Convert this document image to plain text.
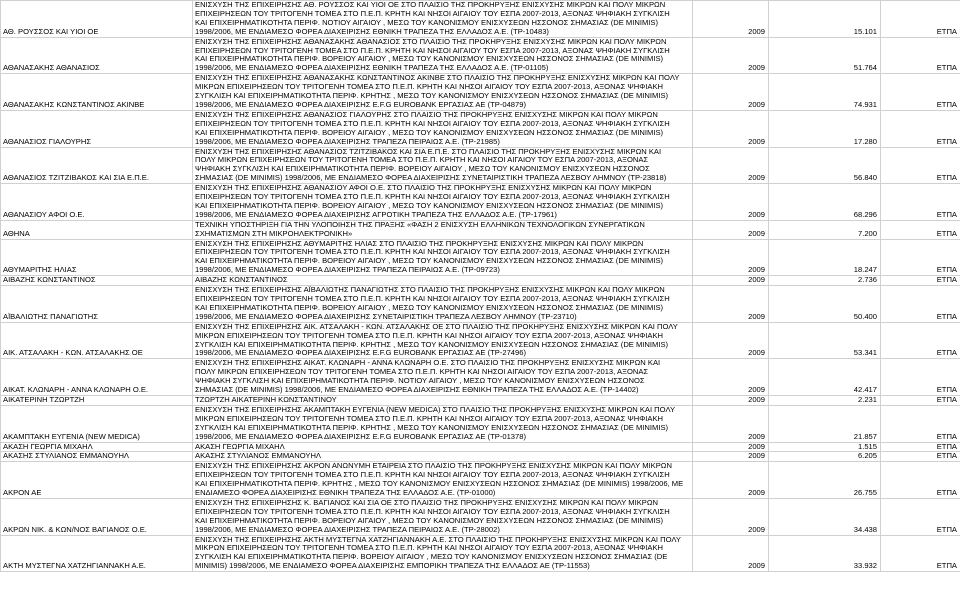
ΑΘ. ΡΟΥΣΣΟΣ ΚΑΙ ΥΙΟΙ ΟΕ	ΕΝΙΣΧΥΣΗ ΤΗΣ ΕΠΙΧΕΙΡΗΣΗΣ ΑΘ. ΡΟΥΣΣΟΣ ΚΑΙ ΥΙΟΙ ΟΕ ΣΤΟ ΠΛΑΙΣΙΟ ΤΗΣ ΠΡΟΚΗΡΥΞΗΣ ΕΝΙΣΧΥΣΗΣ ΜΙΚΡΩΝ ΚΑΙ ΠΟΛΥ ΜΙΚΡΩΝ
ΕΠΙΧΕΙΡΗΣΕΩΝ ΤΟΥ ΤΡΙΤΟΓΕΝΗ ΤΟΜΕΑ ΣΤΟ Π.Ε.Π. ΚΡΗΤΗ ΚΑΙ ΝΗΣΟΙ ΑΙΓΑΙΟΥ ΤΟΥ ΕΣΠΑ 2007-2013, ΑΞΟΝΑΣ ΨΗΦΙΑΚΗ ΣΥΓΚΛΙΣΗ
ΚΑΙ ΕΠΙΧΕΙΡΗΜΑΤΙΚΟΤΗΤΑ ΠΕΡΙΦ. ΝΟΤΙΟΥ ΑΙΓΑΙΟΥ , ΜΕΣΩ ΤΟΥ ΚΑΝΟΝΙΣΜΟΥ ΕΝΙΣΧΥΣΕΩΝ ΗΣΣΟΝΟΣ ΣΗΜΑΣΙΑΣ (DE MINIMIS)
1998/2006, ΜΕ ΕΝΔΙΑΜΕΣΟ ΦΟΡΕΑ ΔΙΑΧΕΙΡΙΣΗΣ ΕΘΝΙΚΗ ΤΡΑΠΕΖΑ ΤΗΣ ΕΛΛΑΔΟΣ Α.Ε. (ΤΡ-10483)	2009	15.101	ΕΤΠΑ
ΑΘΑΝΑΣΑΚΗΣ ΑΘΑΝΑΣΙΟΣ	ΕΝΙΣΧΥΣΗ ΤΗΣ ΕΠΙΧΕΙΡΗΣΗΣ ΑΘΑΝΑΣΑΚΗΣ ΑΘΑΝΑΣΙΟΣ ΣΤΟ ΠΛΑΙΣΙΟ ΤΗΣ ΠΡΟΚΗΡΥΞΗΣ ΕΝΙΣΧΥΣΗΣ ΜΙΚΡΩΝ ΚΑΙ ΠΟΛΥ ΜΙΚΡΩΝ
ΕΠΙΧΕΙΡΗΣΕΩΝ ΤΟΥ ΤΡΙΤΟΓΕΝΗ ΤΟΜΕΑ ΣΤΟ Π.Ε.Π. ΚΡΗΤΗ ΚΑΙ ΝΗΣΟΙ ΑΙΓΑΙΟΥ ΤΟΥ ΕΣΠΑ 2007-2013, ΑΞΟΝΑΣ ΨΗΦΙΑΚΗ ΣΥΓΚΛΙΣΗ
ΚΑΙ ΕΠΙΧΕΙΡΗΜΑΤΙΚΟΤΗΤΑ ΠΕΡΙΦ. ΒΟΡΕΙΟΥ ΑΙΓΑΙΟΥ , ΜΕΣΩ ΤΟΥ ΚΑΝΟΝΙΣΜΟΥ ΕΝΙΣΧΥΣΕΩΝ ΗΣΣΟΝΟΣ ΣΗΜΑΣΙΑΣ (DE MINIMIS)
1998/2006, ΜΕ ΕΝΔΙΑΜΕΣΟ ΦΟΡΕΑ ΔΙΑΧΕΙΡΙΣΗΣ ΕΘΝΙΚΗ ΤΡΑΠΕΖΑ ΤΗΣ ΕΛΛΑΔΟΣ Α.Ε. (ΤΡ-01105)	2009	51.764	ΕΤΠΑ
ΑΘΑΝΑΣΑΚΗΣ ΚΩΝΣΤΑΝΤΙΝΟΣ ΑΚΙΝΒΕ	ΕΝΙΣΧΥΣΗ ΤΗΣ ΕΠΙΧΕΙΡΗΣΗΣ ΑΘΑΝΑΣΑΚΗΣ ΚΩΝΣΤΑΝΤΙΝΟΣ ΑΚΙΝΒΕ ΣΤΟ ΠΛΑΙΣΙΟ ΤΗΣ ΠΡΟΚΗΡΥΞΗΣ ΕΝΙΣΧΥΣΗΣ ΜΙΚΡΩΝ ΚΑΙ ΠΟΛΥ
ΜΙΚΡΩΝ ΕΠΙΧΕΙΡΗΣΕΩΝ ΤΟΥ ΤΡΙΤΟΓΕΝΗ ΤΟΜΕΑ ΣΤΟ Π.Ε.Π. ΚΡΗΤΗ ΚΑΙ ΝΗΣΟΙ ΑΙΓΑΙΟΥ ΤΟΥ ΕΣΠΑ 2007-2013, ΑΞΟΝΑΣ ΨΗΦΙΑΚΗ
ΣΥΓΚΛΙΣΗ ΚΑΙ ΕΠΙΧΕΙΡΗΜΑΤΙΚΟΤΗΤΑ ΠΕΡΙΦ. ΚΡΗΤΗΣ , ΜΕΣΩ ΤΟΥ ΚΑΝΟΝΙΣΜΟΥ ΕΝΙΣΧΥΣΕΩΝ ΗΣΣΟΝΟΣ ΣΗΜΑΣΙΑΣ (DE MINIMIS)
1998/2006, ΜΕ ΕΝΔΙΑΜΕΣΟ ΦΟΡΕΑ ΔΙΑΧΕΙΡΙΣΗΣ E.F.G EUROBANK ΕΡΓΑΣΙΑΣ ΑΕ (ΤΡ-04879)	2009	74.931	ΕΤΠΑ
ΑΘΑΝΑΣΙΟΣ ΓΙΑΛΟΥΡΗΣ	ΕΝΙΣΧΥΣΗ ΤΗΣ ΕΠΙΧΕΙΡΗΣΗΣ ΑΘΑΝΑΣΙΟΣ ΓΙΑΛΟΥΡΗΣ ΣΤΟ ΠΛΑΙΣΙΟ ΤΗΣ ΠΡΟΚΗΡΥΞΗΣ ΕΝΙΣΧΥΣΗΣ ΜΙΚΡΩΝ ΚΑΙ ΠΟΛΥ ΜΙΚΡΩΝ
ΕΠΙΧΕΙΡΗΣΕΩΝ ΤΟΥ ΤΡΙΤΟΓΕΝΗ ΤΟΜΕΑ ΣΤΟ Π.Ε.Π. ΚΡΗΤΗ ΚΑΙ ΝΗΣΟΙ ΑΙΓΑΙΟΥ ΤΟΥ ΕΣΠΑ 2007-2013, ΑΞΟΝΑΣ ΨΗΦΙΑΚΗ ΣΥΓΚΛΙΣΗ
ΚΑΙ ΕΠΙΧΕΙΡΗΜΑΤΙΚΟΤΗΤΑ ΠΕΡΙΦ. ΒΟΡΕΙΟΥ ΑΙΓΑΙΟΥ , ΜΕΣΩ ΤΟΥ ΚΑΝΟΝΙΣΜΟΥ ΕΝΙΣΧΥΣΕΩΝ ΗΣΣΟΝΟΣ ΣΗΜΑΣΙΑΣ (DE MINIMIS)
1998/2006, ΜΕ ΕΝΔΙΑΜΕΣΟ ΦΟΡΕΑ ΔΙΑΧΕΙΡΙΣΗΣ ΤΡΑΠΕΖΑ ΠΕΙΡΑΙΩΣ Α.Ε. (ΤΡ-21985)	2009	17.280	ΕΤΠΑ
ΑΘΑΝΑΣΙΟΣ ΤΖΙΤΖΙΒΑΚΟΣ ΚΑΙ ΣΙΑ Ε.Π.Ε.	ΕΝΙΣΧΥΣΗ ΤΗΣ ΕΠΙΧΕΙΡΗΣΗΣ ΑΘΑΝΑΣΙΟΣ ΤΖΙΤΖΙΒΑΚΟΣ ΚΑΙ ΣΙΑ Ε.Π.Ε. ΣΤΟ ΠΛΑΙΣΙΟ ΤΗΣ ΠΡΟΚΗΡΥΞΗΣ ΕΝΙΣΧΥΣΗΣ ΜΙΚΡΩΝ ΚΑΙ
ΠΟΛΥ ΜΙΚΡΩΝ ΕΠΙΧΕΙΡΗΣΕΩΝ ΤΟΥ ΤΡΙΤΟΓΕΝΗ ΤΟΜΕΑ ΣΤΟ Π.Ε.Π. ΚΡΗΤΗ ΚΑΙ ΝΗΣΟΙ ΑΙΓΑΙΟΥ ΤΟΥ ΕΣΠΑ 2007-2013, ΑΞΟΝΑΣ
ΨΗΦΙΑΚΗ ΣΥΓΚΛΙΣΗ ΚΑΙ ΕΠΙΧΕΙΡΗΜΑΤΙΚΟΤΗΤΑ ΠΕΡΙΦ. ΒΟΡΕΙΟΥ ΑΙΓΑΙΟΥ , ΜΕΣΩ ΤΟΥ ΚΑΝΟΝΙΣΜΟΥ ΕΝΙΣΧΥΣΕΩΝ ΗΣΣΟΝΟΣ
ΣΗΜΑΣΙΑΣ (DE MINIMIS) 1998/2006, ΜΕ ΕΝΔΙΑΜΕΣΟ ΦΟΡΕΑ ΔΙΑΧΕΙΡΙΣΗΣ ΣΥΝΕΤΑΙΡΙΣΤΙΚΗ ΤΡΑΠΕΖΑ ΛΕΣΒΟΥ ΛΗΜΝΟΥ (ΤΡ-23818)	2009	56.840	ΕΤΠΑ
ΑΘΑΝΑΣΙΟΥ ΑΦΟΙ Ο.Ε.	ΕΝΙΣΧΥΣΗ ΤΗΣ ΕΠΙΧΕΙΡΗΣΗΣ ΑΘΑΝΑΣΙΟΥ ΑΦΟΙ Ο.Ε. ΣΤΟ ΠΛΑΙΣΙΟ ΤΗΣ ΠΡΟΚΗΡΥΞΗΣ ΕΝΙΣΧΥΣΗΣ ΜΙΚΡΩΝ ΚΑΙ ΠΟΛΥ ΜΙΚΡΩΝ
ΕΠΙΧΕΙΡΗΣΕΩΝ ΤΟΥ ΤΡΙΤΟΓΕΝΗ ΤΟΜΕΑ ΣΤΟ Π.Ε.Π. ΚΡΗΤΗ ΚΑΙ ΝΗΣΟΙ ΑΙΓΑΙΟΥ ΤΟΥ ΕΣΠΑ 2007-2013, ΑΞΟΝΑΣ ΨΗΦΙΑΚΗ ΣΥΓΚΛΙΣΗ
ΚΑΙ ΕΠΙΧΕΙΡΗΜΑΤΙΚΟΤΗΤΑ ΠΕΡΙΦ. ΒΟΡΕΙΟΥ ΑΙΓΑΙΟΥ , ΜΕΣΩ ΤΟΥ ΚΑΝΟΝΙΣΜΟΥ ΕΝΙΣΧΥΣΕΩΝ ΗΣΣΟΝΟΣ ΣΗΜΑΣΙΑΣ (DE MINIMIS)
1998/2006, ΜΕ ΕΝΔΙΑΜΕΣΟ ΦΟΡΕΑ ΔΙΑΧΕΙΡΙΣΗΣ ΑΓΡΟΤΙΚΗ ΤΡΑΠΕΖΑ ΤΗΣ ΕΛΛΑΔΟΣ Α.Ε. (ΤΡ-17961)	2009	68.296	ΕΤΠΑ
ΑΘΗΝΑ	ΤΕΧΝΙΚΗ ΥΠΟΣΤΗΡΙΞΗ ΓΙΑ ΤΗΝ ΥΛΟΠΟΙΗΣΗ ΤΗΣ ΠΡΑΞΗΣ «ΦΑΣΗ 2 ΕΝΙΣΧΥΣΗ ΕΛΛΗΝΙΚΩΝ ΤΕΧΝΟΛΟΓΙΚΩΝ ΣΥΝΕΡΓΑΤΙΚΩΝ
ΣΧΗΜΑΤΙΣΜΩΝ ΣΤΗ ΜΙΚΡΟΗΛΕΚΤΡΟΝΙΚΗ»	2009	7.200	ΕΤΠΑ
ΑΘΥΜΑΡΙΤΗΣ ΗΛΙΑΣ	ΕΝΙΣΧΥΣΗ ΤΗΣ ΕΠΙΧΕΙΡΗΣΗΣ ΑΘΥΜΑΡΙΤΗΣ ΗΛΙΑΣ ΣΤΟ ΠΛΑΙΣΙΟ ΤΗΣ ΠΡΟΚΗΡΥΞΗΣ ΕΝΙΣΧΥΣΗΣ ΜΙΚΡΩΝ ΚΑΙ ΠΟΛΥ ΜΙΚΡΩΝ
ΕΠΙΧΕΙΡΗΣΕΩΝ ΤΟΥ ΤΡΙΤΟΓΕΝΗ ΤΟΜΕΑ ΣΤΟ Π.Ε.Π. ΚΡΗΤΗ ΚΑΙ ΝΗΣΟΙ ΑΙΓΑΙΟΥ ΤΟΥ ΕΣΠΑ 2007-2013, ΑΞΟΝΑΣ ΨΗΦΙΑΚΗ ΣΥΓΚΛΙΣΗ
ΚΑΙ ΕΠΙΧΕΙΡΗΜΑΤΙΚΟΤΗΤΑ ΠΕΡΙΦ. ΒΟΡΕΙΟΥ ΑΙΓΑΙΟΥ , ΜΕΣΩ ΤΟΥ ΚΑΝΟΝΙΣΜΟΥ ΕΝΙΣΧΥΣΕΩΝ ΗΣΣΟΝΟΣ ΣΗΜΑΣΙΑΣ (DE MINIMIS)
1998/2006, ΜΕ ΕΝΔΙΑΜΕΣΟ ΦΟΡΕΑ ΔΙΑΧΕΙΡΙΣΗΣ ΤΡΑΠΕΖΑ ΠΕΙΡΑΙΩΣ Α.Ε. (ΤΡ-09723)	2009	18.247	ΕΤΠΑ
ΑΙΒΑΖΗΣ ΚΩΝΣΤΑΝΤΙΝΟΣ	ΑΙΒΑΖΗΣ ΚΩΝΣΤΑΝΤΙΝΟΣ	2009	2.736	ΕΤΠΑ
ΑΪΒΑΛΙΩΤΗΣ ΠΑΝΑΓΙΩΤΗΣ	ΕΝΙΣΧΥΣΗ ΤΗΣ ΕΠΙΧΕΙΡΗΣΗΣ ΑΪΒΑΛΙΩΤΗΣ ΠΑΝΑΓΙΩΤΗΣ ΣΤΟ ΠΛΑΙΣΙΟ ΤΗΣ ΠΡΟΚΗΡΥΞΗΣ ΕΝΙΣΧΥΣΗΣ ΜΙΚΡΩΝ ΚΑΙ ΠΟΛΥ ΜΙΚΡΩΝ
ΕΠΙΧΕΙΡΗΣΕΩΝ ΤΟΥ ΤΡΙΤΟΓΕΝΗ ΤΟΜΕΑ ΣΤΟ Π.Ε.Π. ΚΡΗΤΗ ΚΑΙ ΝΗΣΟΙ ΑΙΓΑΙΟΥ ΤΟΥ ΕΣΠΑ 2007-2013, ΑΞΟΝΑΣ ΨΗΦΙΑΚΗ ΣΥΓΚΛΙΣΗ
ΚΑΙ ΕΠΙΧΕΙΡΗΜΑΤΙΚΟΤΗΤΑ ΠΕΡΙΦ. ΒΟΡΕΙΟΥ ΑΙΓΑΙΟΥ , ΜΕΣΩ ΤΟΥ ΚΑΝΟΝΙΣΜΟΥ ΕΝΙΣΧΥΣΕΩΝ ΗΣΣΟΝΟΣ ΣΗΜΑΣΙΑΣ (DE MINIMIS)
1998/2006, ΜΕ ΕΝΔΙΑΜΕΣΟ ΦΟΡΕΑ ΔΙΑΧΕΙΡΙΣΗΣ ΣΥΝΕΤΑΙΡΙΣΤΙΚΗ ΤΡΑΠΕΖΑ ΛΕΣΒΟΥ ΛΗΜΝΟΥ (ΤΡ-23710)	2009	50.400	ΕΤΠΑ
ΑΙΚ. ΑΤΣΑΛΑΚΗ - ΚΩΝ. ΑΤΣΑΛΑΚΗΣ ΟΕ	ΕΝΙΣΧΥΣΗ ΤΗΣ ΕΠΙΧΕΙΡΗΣΗΣ ΑΙΚ. ΑΤΣΑΛΑΚΗ - ΚΩΝ. ΑΤΣΑΛΑΚΗΣ ΟΕ ΣΤΟ ΠΛΑΙΣΙΟ ΤΗΣ ΠΡΟΚΗΡΥΞΗΣ ΕΝΙΣΧΥΣΗΣ ΜΙΚΡΩΝ ΚΑΙ ΠΟΛΥ
ΜΙΚΡΩΝ ΕΠΙΧΕΙΡΗΣΕΩΝ ΤΟΥ ΤΡΙΤΟΓΕΝΗ ΤΟΜΕΑ ΣΤΟ Π.Ε.Π. ΚΡΗΤΗ ΚΑΙ ΝΗΣΟΙ ΑΙΓΑΙΟΥ ΤΟΥ ΕΣΠΑ 2007-2013, ΑΞΟΝΑΣ ΨΗΦΙΑΚΗ
ΣΥΓΚΛΙΣΗ ΚΑΙ ΕΠΙΧΕΙΡΗΜΑΤΙΚΟΤΗΤΑ ΠΕΡΙΦ. ΚΡΗΤΗΣ , ΜΕΣΩ ΤΟΥ ΚΑΝΟΝΙΣΜΟΥ ΕΝΙΣΧΥΣΕΩΝ ΗΣΣΟΝΟΣ ΣΗΜΑΣΙΑΣ (DE MINIMIS)
1998/2006, ΜΕ ΕΝΔΙΑΜΕΣΟ ΦΟΡΕΑ ΔΙΑΧΕΙΡΙΣΗΣ E.F.G EUROBANK ΕΡΓΑΣΙΑΣ ΑΕ (ΤΡ-27496)	2009	53.341	ΕΤΠΑ
ΑΙΚΑΤ. ΚΛΩΝΑΡΗ - ΑΝΝΑ ΚΛΩΝΑΡΗ Ο.Ε.	ΕΝΙΣΧΥΣΗ ΤΗΣ ΕΠΙΧΕΙΡΗΣΗΣ ΑΙΚΑΤ. ΚΛΩΝΑΡΗ - ΑΝΝΑ ΚΛΩΝΑΡΗ Ο.Ε. ΣΤΟ ΠΛΑΙΣΙΟ ΤΗΣ ΠΡΟΚΗΡΥΞΗΣ ΕΝΙΣΧΥΣΗΣ ΜΙΚΡΩΝ ΚΑΙ
ΠΟΛΥ ΜΙΚΡΩΝ ΕΠΙΧΕΙΡΗΣΕΩΝ ΤΟΥ ΤΡΙΤΟΓΕΝΗ ΤΟΜΕΑ ΣΤΟ Π.Ε.Π. ΚΡΗΤΗ ΚΑΙ ΝΗΣΟΙ ΑΙΓΑΙΟΥ ΤΟΥ ΕΣΠΑ 2007-2013, ΑΞΟΝΑΣ
ΨΗΦΙΑΚΗ ΣΥΓΚΛΙΣΗ ΚΑΙ ΕΠΙΧΕΙΡΗΜΑΤΙΚΟΤΗΤΑ ΠΕΡΙΦ. ΝΟΤΙΟΥ ΑΙΓΑΙΟΥ , ΜΕΣΩ ΤΟΥ ΚΑΝΟΝΙΣΜΟΥ ΕΝΙΣΧΥΣΕΩΝ ΗΣΣΟΝΟΣ
ΣΗΜΑΣΙΑΣ (DE MINIMIS) 1998/2006, ΜΕ ΕΝΔΙΑΜΕΣΟ ΦΟΡΕΑ ΔΙΑΧΕΙΡΙΣΗΣ ΕΘΝΙΚΗ ΤΡΑΠΕΖΑ ΤΗΣ ΕΛΛΑΔΟΣ Α.Ε. (ΤΡ-14402)	2009	42.417	ΕΤΠΑ
ΑΙΚΑΤΕΡΙΝΗ ΤΖΩΡΤΖΗ	ΤΖΩΡΤΖΗ ΑΙΚΑΤΕΡΙΝΗ ΚΩΝΣΤΑΝΤΙΝΟΥ	2009	2.231	ΕΤΠΑ
ΑΚΑΜΠΤΑΚΗ ΕΥΓΕΝΙΑ (NEW MEDICA)	ΕΝΙΣΧΥΣΗ ΤΗΣ ΕΠΙΧΕΙΡΗΣΗΣ ΑΚΑΜΠΤΑΚΗ ΕΥΓΕΝΙΑ (NEW MEDICA) ΣΤΟ ΠΛΑΙΣΙΟ ΤΗΣ ΠΡΟΚΗΡΥΞΗΣ ΕΝΙΣΧΥΣΗΣ ΜΙΚΡΩΝ ΚΑΙ ΠΟΛΥ
ΜΙΚΡΩΝ ΕΠΙΧΕΙΡΗΣΕΩΝ ΤΟΥ ΤΡΙΤΟΓΕΝΗ ΤΟΜΕΑ ΣΤΟ Π.Ε.Π. ΚΡΗΤΗ ΚΑΙ ΝΗΣΟΙ ΑΙΓΑΙΟΥ ΤΟΥ ΕΣΠΑ 2007-2013, ΑΞΟΝΑΣ ΨΗΦΙΑΚΗ
ΣΥΓΚΛΙΣΗ ΚΑΙ ΕΠΙΧΕΙΡΗΜΑΤΙΚΟΤΗΤΑ ΠΕΡΙΦ. ΚΡΗΤΗΣ , ΜΕΣΩ ΤΟΥ ΚΑΝΟΝΙΣΜΟΥ ΕΝΙΣΧΥΣΕΩΝ ΗΣΣΟΝΟΣ ΣΗΜΑΣΙΑΣ (DE MINIMIS)
1998/2006, ΜΕ ΕΝΔΙΑΜΕΣΟ ΦΟΡΕΑ ΔΙΑΧΕΙΡΙΣΗΣ E.F.G EUROBANK ΕΡΓΑΣΙΑΣ ΑΕ (ΤΡ-01378)	2009	21.857	ΕΤΠΑ
ΑΚΑΣΗ ΓΕΩΡΓΙΑ ΜΙΧΑΗΛ	ΑΚΑΣΗ ΓΕΩΡΓΙΑ ΜΙΧΑΗΛ	2009	1.515	ΕΤΠΑ
ΑΚΑΣΗΣ ΣΤΥΛΙΑΝΟΣ ΕΜΜΑΝΟΥΗΛ	ΑΚΑΣΗΣ ΣΤΥΛΙΑΝΟΣ ΕΜΜΑΝΟΥΗΛ	2009	6.205	ΕΤΠΑ
ΑΚΡΟΝ ΑΕ	ΕΝΙΣΧΥΣΗ ΤΗΣ ΕΠΙΧΕΙΡΗΣΗΣ ΑΚΡΟΝ ΑΝΩΝΥΜΗ ΕΤΑΙΡΕΙΑ ΣΤΟ ΠΛΑΙΣΙΟ ΤΗΣ ΠΡΟΚΗΡΥΞΗΣ ΕΝΙΣΧΥΣΗΣ ΜΙΚΡΩΝ ΚΑΙ ΠΟΛΥ ΜΙΚΡΩΝ
ΕΠΙΧΕΙΡΗΣΕΩΝ ΤΟΥ ΤΡΙΤΟΓΕΝΗ ΤΟΜΕΑ ΣΤΟ Π.Ε.Π. ΚΡΗΤΗ ΚΑΙ ΝΗΣΟΙ ΑΙΓΑΙΟΥ ΤΟΥ ΕΣΠΑ 2007-2013, ΑΞΟΝΑΣ ΨΗΦΙΑΚΗ ΣΥΓΚΛΙΣΗ
ΚΑΙ ΕΠΙΧΕΙΡΗΜΑΤΙΚΟΤΗΤΑ ΠΕΡΙΦ. ΚΡΗΤΗΣ , ΜΕΣΩ ΤΟΥ ΚΑΝΟΝΙΣΜΟΥ ΕΝΙΣΧΥΣΕΩΝ ΗΣΣΟΝΟΣ ΣΗΜΑΣΙΑΣ (DE MINIMIS) 1998/2006, ΜΕ
ΕΝΔΙΑΜΕΣΟ ΦΟΡΕΑ ΔΙΑΧΕΙΡΙΣΗΣ ΕΘΝΙΚΗ ΤΡΑΠΕΖΑ ΤΗΣ ΕΛΛΑΔΟΣ Α.Ε. (ΤΡ-01000)	2009	26.755	ΕΤΠΑ
ΑΚΡΩΝ ΝΙΚ. & ΚΩΝ/ΝΟΣ ΒΑΓΙΑΝΟΣ Ο.Ε.	ΕΝΙΣΧΥΣΗ ΤΗΣ ΕΠΙΧΕΙΡΗΣΗΣ Κ. ΒΑΓΙΑΝΟΣ ΚΑΙ ΣΙΑ ΟΕ ΣΤΟ ΠΛΑΙΣΙΟ ΤΗΣ ΠΡΟΚΗΡΥΞΗΣ ΕΝΙΣΧΥΣΗΣ ΜΙΚΡΩΝ ΚΑΙ ΠΟΛΥ ΜΙΚΡΩΝ
ΕΠΙΧΕΙΡΗΣΕΩΝ ΤΟΥ ΤΡΙΤΟΓΕΝΗ ΤΟΜΕΑ ΣΤΟ Π.Ε.Π. ΚΡΗΤΗ ΚΑΙ ΝΗΣΟΙ ΑΙΓΑΙΟΥ ΤΟΥ ΕΣΠΑ 2007-2013, ΑΞΟΝΑΣ ΨΗΦΙΑΚΗ ΣΥΓΚΛΙΣΗ
ΚΑΙ ΕΠΙΧΕΙΡΗΜΑΤΙΚΟΤΗΤΑ ΠΕΡΙΦ. ΒΟΡΕΙΟΥ ΑΙΓΑΙΟΥ , ΜΕΣΩ ΤΟΥ ΚΑΝΟΝΙΣΜΟΥ ΕΝΙΣΧΥΣΕΩΝ ΗΣΣΟΝΟΣ ΣΗΜΑΣΙΑΣ (DE MINIMIS)
1998/2006, ΜΕ ΕΝΔΙΑΜΕΣΟ ΦΟΡΕΑ ΔΙΑΧΕΙΡΙΣΗΣ ΤΡΑΠΕΖΑ ΠΕΙΡΑΙΩΣ Α.Ε. (ΤΡ-28002)	2009	34.438	ΕΤΠΑ
ΑΚΤΗ ΜΥΣΤΕΓΝΑ ΧΑΤΖΗΓΙΑΝΝΑΚΗ Α.Ε.	ΕΝΙΣΧΥΣΗ ΤΗΣ ΕΠΙΧΕΙΡΗΣΗΣ ΑΚΤΗ ΜΥΣΤΕΓΝΑ ΧΑΤΖΗΓΙΑΝΝΑΚΗ Α.Ε. ΣΤΟ ΠΛΑΙΣΙΟ ΤΗΣ ΠΡΟΚΗΡΥΞΗΣ ΕΝΙΣΧΥΣΗΣ ΜΙΚΡΩΝ ΚΑΙ ΠΟΛΥ
ΜΙΚΡΩΝ ΕΠΙΧΕΙΡΗΣΕΩΝ ΤΟΥ ΤΡΙΤΟΓΕΝΗ ΤΟΜΕΑ ΣΤΟ Π.Ε.Π. ΚΡΗΤΗ ΚΑΙ ΝΗΣΟΙ ΑΙΓΑΙΟΥ ΤΟΥ ΕΣΠΑ 2007-2013, ΑΞΟΝΑΣ ΨΗΦΙΑΚΗ
ΣΥΓΚΛΙΣΗ ΚΑΙ ΕΠΙΧΕΙΡΗΜΑΤΙΚΟΤΗΤΑ ΠΕΡΙΦ. ΒΟΡΕΙΟΥ ΑΙΓΑΙΟΥ , ΜΕΣΩ ΤΟΥ ΚΑΝΟΝΙΣΜΟΥ ΕΝΙΣΧΥΣΕΩΝ ΗΣΣΟΝΟΣ ΣΗΜΑΣΙΑΣ (DE
MINIMIS) 1998/2006, ΜΕ ΕΝΔΙΑΜΕΣΟ ΦΟΡΕΑ ΔΙΑΧΕΙΡΙΣΗΣ ΕΜΠΟΡΙΚΗ ΤΡΑΠΕΖΑ ΤΗΣ ΕΛΛΑΔΟΣ ΑΕ (ΤΡ-11553)	2009	33.932	ΕΤΠΑ
